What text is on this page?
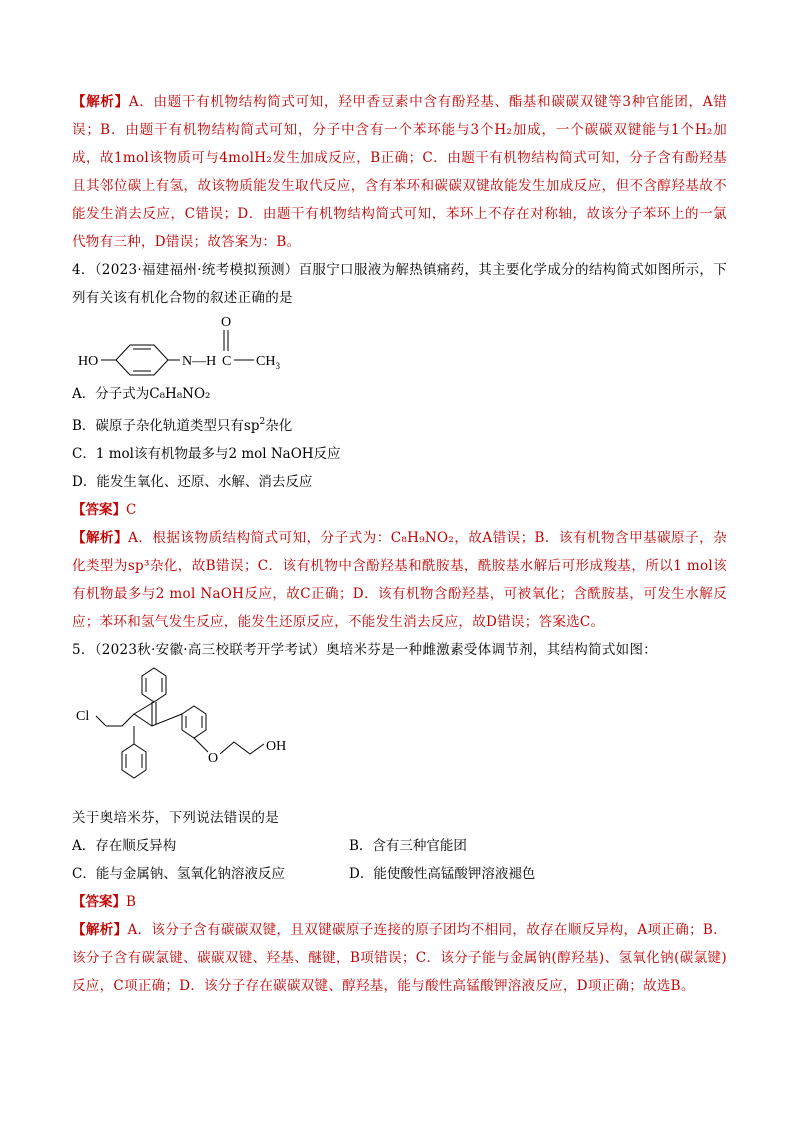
【解析】A．由题干有机物结构简式可知，羟甲香豆素中含有酚羟基、酯基和碳碳双键等3种官能团，A错误；B．由题干有机物结构简式可知，分子中含有一个苯环能与3个H₂加成，一个碳碳双键能与1个H₂加成，故1mol该物质可与4molH₂发生加成反应，B正确；C．由题干有机物结构简式可知，分子含有酚羟基且其邻位碳上有氢，故该物质能发生取代反应，含有苯环和碳碳双键故能发生加成反应，但不含醇羟基故不能发生消去反应，C错误；D．由题干有机物结构简式可知，苯环上不存在对称轴，故该分子苯环上的一氯代物有三种，D错误；故答案为：B。

4．（2023·福建福州·统考模拟预测）百服宁口服液为解热镇痛药，其主要化学成分的结构简式如图所示，下列有关该有机化合物的叙述正确的是

HO	N—H C
O
$CH_3$

A．分子式为C₈H₈NO₂

B．碳原子杂化轨道类型只有$sp^2$杂化

C．1 mol该有机物最多与2 mol NaOH反应

D．能发生氧化、还原、水解、消去反应

【答案】C

【解析】A．根据该物质结构简式可知，分子式为：C₈H₉NO₂，故A错误；B．该有机物含甲基碳原子，杂化类型为sp³杂化，故B错误；C．该有机物中含酚羟基和酰胺基，酰胺基水解后可形成羧基，所以1 mol该有机物最多与2 mol NaOH反应，故C正确；D．该有机物含酚羟基，可被氧化；含酰胺基，可发生水解反应；苯环和氢气发生反应，能发生还原反应，不能发生消去反应，故D错误；答案选C。

5．（2023秋·安徽·高三校联考开学考试）奥培米芬是一种雌激素受体调节剂，其结构简式如图：

Cl
O
OH

关于奥培米芬，下列说法错误的是

A．存在顺反异构	B．含有三种官能团
C．能与金属钠、氢氧化钠溶液反应	D．能使酸性高锰酸钾溶液褪色

【答案】B

【解析】A．该分子含有碳碳双键，且双键碳原子连接的原子团均不相同，故存在顺反异构，A项正确；B．该分子含有碳氯键、碳碳双键、羟基、醚键，B项错误；C．该分子能与金属钠(醇羟基)、氢氧化钠(碳氯键)反应，C项正确；D．该分子存在碳碳双键、醇羟基，能与酸性高锰酸钾溶液反应，D项正确；故选B。
